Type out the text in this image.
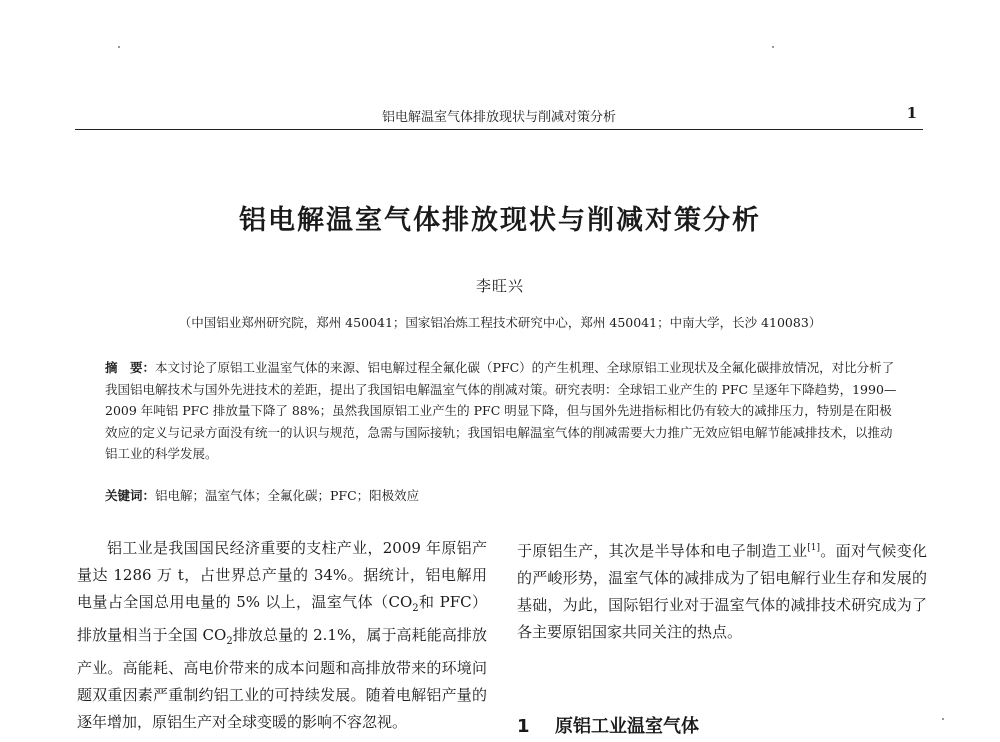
铝电解温室气体排放现状与削减对策分析	1
铝电解温室气体排放现状与削减对策分析
李旺兴
（中国铝业郑州研究院，郑州 450041；国家铝冶炼工程技术研究中心，郑州 450041；中南大学，长沙 410083）
摘　要：本文讨论了原铝工业温室气体的来源、铝电解过程全氟化碳（PFC）的产生机理、全球原铝工业现状及全氟化碳排放情况，对比分析了我国铝电解技术与国外先进技术的差距，提出了我国铝电解温室气体的削减对策。研究表明：全球铝工业产生的 PFC 呈逐年下降趋势，1990—2009 年吨铝 PFC 排放量下降了 88%；虽然我国原铝工业产生的 PFC 明显下降，但与国外先进指标相比仍有较大的减排压力，特别是在阳极效应的定义与记录方面没有统一的认识与规范，急需与国际接轨；我国铝电解温室气体的削减需要大力推广无效应铝电解节能减排技术，以推动铝工业的科学发展。
关键词：铝电解；温室气体；全氟化碳；PFC；阳极效应
铝工业是我国国民经济重要的支柱产业，2009 年原铝产量达 1286 万 t，占世界总产量的 34%。据统计，铝电解用电量占全国总用电量的 5% 以上，温室气体（$CO_2$和 PFC）排放量相当于全国 $CO_2$排放总量的 2.1%，属于高耗能高排放产业。高能耗、高电价带来的成本问题和高排放带来的环境问题双重因素严重制约铝工业的可持续发展。随着电解铝产量的逐年增加，原铝生产对全球变暖的影响不容忽视。
于原铝生产，其次是半导体和电子制造工业[1]。面对气候变化的严峻形势，温室气体的减排成为了铝电解行业生存和发展的基础，为此，国际铝行业对于温室气体的减排技术研究成为了各主要原铝国家共同关注的热点。
1 原铝工业温室气体
